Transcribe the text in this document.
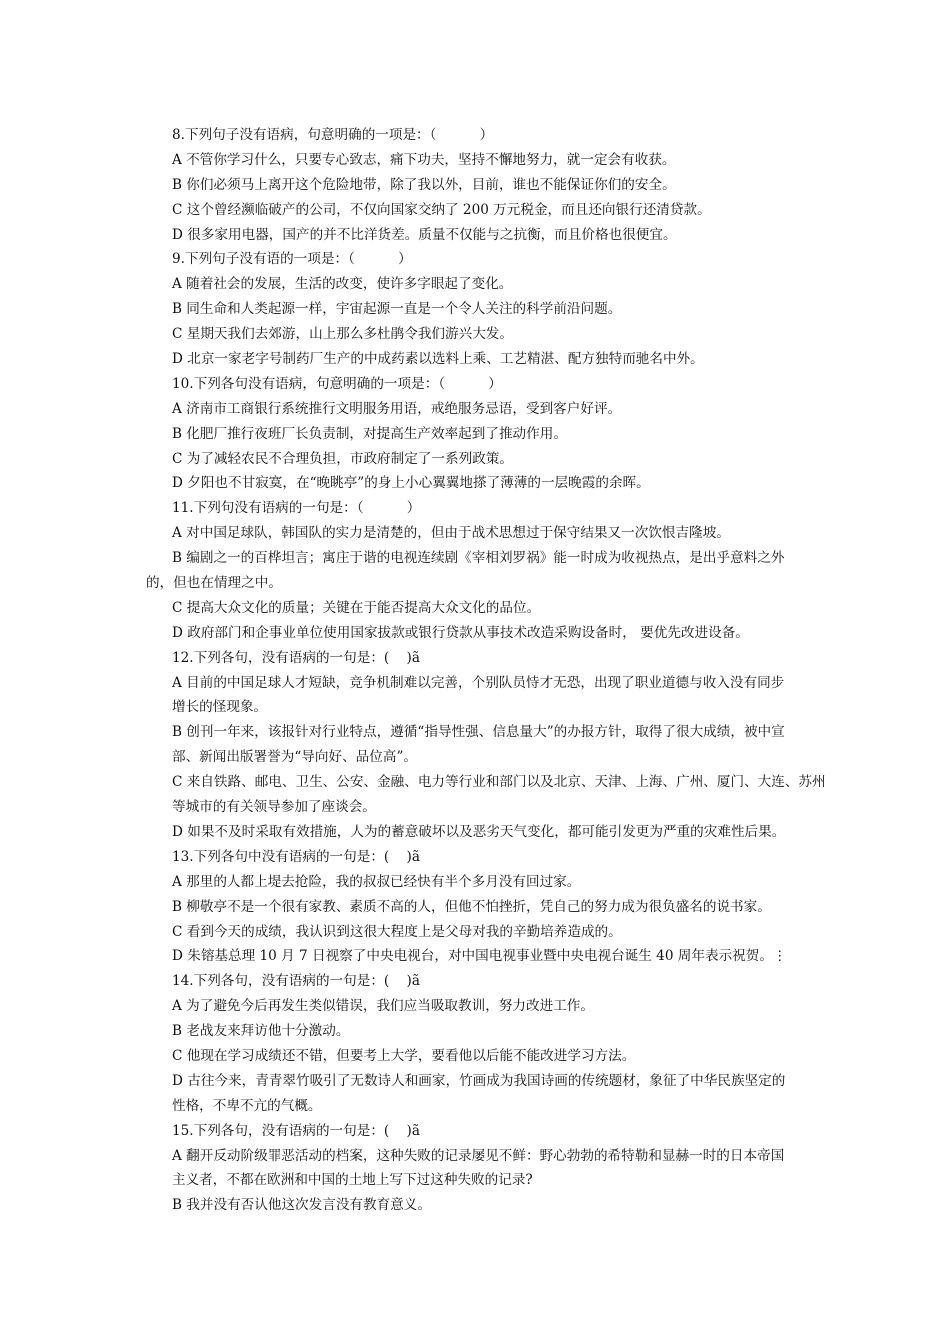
8.下列句子没有语病，句意明确的一项是：（          ）
A 不管你学习什么，只要专心致志，痛下功夫，坚持不懈地努力，就一定会有收获。
B 你们必须马上离开这个危险地带，除了我以外，目前，谁也不能保证你们的安全。
C 这个曾经濒临破产的公司，不仅向国家交纳了 200 万元税金，而且还向银行还清贷款。
D 很多家用电器，国产的并不比洋货差。质量不仅能与之抗衡，而且价格也很便宜。
9.下列句子没有语的一项是：（          ）
A 随着社会的发展，生活的改变，使许多字眼起了变化。
B 同生命和人类起源一样，宇宙起源一直是一个令人关注的科学前沿问题。
C 星期天我们去郊游，山上那么多杜鹃令我们游兴大发。
D 北京一家老字号制药厂生产的中成药素以选料上乘、工艺精湛、配方独特而驰名中外。
10.下列各句没有语病，句意明确的一项是：（          ）
A 济南市工商银行系统推行文明服务用语，戒绝服务忌语，受到客户好评。
B 化肥厂推行夜班厂长负责制，对提高生产效率起到了推动作用。
C 为了减轻农民不合理负担，市政府制定了一系列政策。
D 夕阳也不甘寂寞，在“晚眺亭”的身上小心翼翼地搽了薄薄的一层晚霞的余晖。
11.下列句没有语病的一句是：（          ）
A 对中国足球队，韩国队的实力是清楚的，但由于战术思想过于保守结果又一次饮恨吉隆坡。
B 编剧之一的百桦坦言；寓庄于谐的电视连续剧《宰相刘罗祸》能一时成为收视热点，是出乎意料之外
的，但也在情理之中。
C 提高大众文化的质量；关键在于能否提高大众文化的品位。
D 政府部门和企事业单位使用国家拔款或银行贷款从事技术改造采购设备时， 要优先改进设备。
12.下列各句，没有语病的一句是：(    )ã
A 目前的中国足球人才短缺，竞争机制难以完善，个别队员恃才无恐，出现了职业道德与收入没有同步
增长的怪现象。
B 创刊一年来，该报针对行业特点，遵循“指导性强、信息量大”的办报方针，取得了很大成绩，被中宣
部、新闻出版署誉为“导向好、品位高”。
C 来自铁路、邮电、卫生、公安、金融、电力等行业和部门以及北京、天津、上海、广州、厦门、大连、苏州
等城市的有关领导参加了座谈会。
D 如果不及时采取有效措施，人为的蓄意破坏以及恶劣天气变化，都可能引发更为严重的灾难性后果。
13.下列各句中没有语病的一句是：(    )ã
A 那里的人都上堤去抢险，我的叔叔已经快有半个多月没有回过家。
B 柳敬亭不是一个很有家教、素质不高的人，但他不怕挫折，凭自己的努力成为很负盛名的说书家。
C 看到今天的成绩，我认识到这很大程度上是父母对我的辛勤培养造成的。
D 朱镕基总理 10 月 7 日视察了中央电视台，对中国电视事业暨中央电视台诞生 40 周年表示祝贺。⋮
14.下列各句，没有语病的一句是：(    )ã
A 为了避免今后再发生类似错误，我们应当吸取教训，努力改进工作。
B 老战友来拜访他十分激动。
C 他现在学习成绩还不错，但要考上大学，要看他以后能不能改进学习方法。
D 古往今来，青青翠竹吸引了无数诗人和画家，竹画成为我国诗画的传统题材，象征了中华民族坚定的
性格，不卑不亢的气概。
15.下列各句，没有语病的一句是：(    )ã
A 翻开反动阶级罪恶活动的档案，这种失败的记录屡见不鲜：野心勃勃的希特勒和显赫一时的日本帝国
主义者，不都在欧洲和中国的土地上写下过这种失败的记录?
B 我并没有否认他这次发言没有教育意义。
